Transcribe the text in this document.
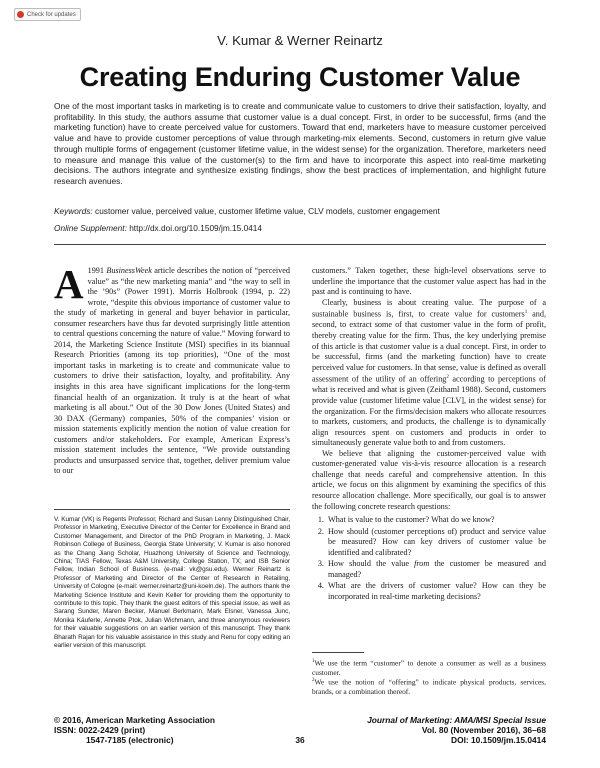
Check for updates

V. Kumar & Werner Reinartz

Creating Enduring Customer Value

One of the most important tasks in marketing is to create and communicate value to customers to drive their satisfaction, loyalty, and profitability. In this study, the authors assume that customer value is a dual concept. First, in order to be successful, firms (and the marketing function) have to create perceived value for customers. Toward that end, marketers have to measure customer perceived value and have to provide customer perceptions of value through marketing-mix elements. Second, customers in return give value through multiple forms of engagement (customer lifetime value, in the widest sense) for the organization. Therefore, marketers need to measure and manage this value of the customer(s) to the firm and have to incorporate this aspect into real-time marketing decisions. The authors integrate and synthesize existing findings, show the best practices of implementation, and highlight future research avenues.

Keywords: customer value, perceived value, customer lifetime value, CLV models, customer engagement

Online Supplement: http://dx.doi.org/10.1509/jm.15.0414

A 1991 BusinessWeek article describes the notion of “perceived value” as “the new marketing mania” and “the way to sell in the ’90s” (Power 1991). Morris Holbrook (1994, p. 22) wrote, “despite this obvious importance of customer value to the study of marketing in general and buyer behavior in particular, consumer researchers have thus far devoted surprisingly little attention to central questions concerning the nature of value.” Moving forward to 2014, the Marketing Science Institute (MSI) specifies in its biannual Research Priorities (among its top priorities), “One of the most important tasks in marketing is to create and communicate value to customers to drive their satisfaction, loyalty, and profitability. Any insights in this area have significant implications for the long-term financial health of an organization. It truly is at the heart of what marketing is all about.” Out of the 30 Dow Jones (United States) and 30 DAX (Germany) companies, 50% of the companies’ vision or mission statements explicitly mention the notion of value creation for customers and/or stakeholders. For example, American Express’s mission statement includes the sentence, “We provide outstanding products and unsurpassed service that, together, deliver premium value to our

customers.” Taken together, these high-level observations serve to underline the importance that the customer value aspect has had in the past and is continuing to have.

Clearly, business is about creating value. The purpose of a sustainable business is, first, to create value for customers$^1$ and, second, to extract some of that customer value in the form of profit, thereby creating value for the firm. Thus, the key underlying premise of this article is that customer value is a dual concept. First, in order to be successful, firms (and the marketing function) have to create perceived value for customers. In that sense, value is defined as overall assessment of the utility of an offering$^2$ according to perceptions of what is received and what is given (Zeithaml 1988). Second, customers provide value (customer lifetime value [CLV], in the widest sense) for the organization. For the firms/decision makers who allocate resources to markets, customers, and products, the challenge is to dynamically align resources spent on customers and products in order to simultaneously generate value both to and from customers.

We believe that aligning the customer-perceived value with customer-generated value vis-à-vis resource allocation is a research challenge that needs careful and comprehensive attention. In this article, we focus on this alignment by examining the specifics of this resource allocation challenge. More specifically, our goal is to answer the following concrete research questions:

1. What is value to the customer? What do we know?
2. How should (customer perceptions of) product and service value be measured? How can key drivers of customer value be identified and calibrated?
3. How should the value from the customer be measured and managed?
4. What are the drivers of customer value? How can they be incorporated in real-time marketing decisions?

V. Kumar (VK) is Regents Professor, Richard and Susan Lenny Distinguished Chair, Professor in Marketing, Executive Director of the Center for Excellence in Brand and Customer Management, and Director of the PhD Program in Marketing, J. Mack Robinson College of Business, Georgia State University; V. Kumar is also honored as the Chang Jiang Scholar, Huazhong University of Science and Technology, China; TIAS Fellow, Texas A&M University, College Station, TX; and ISB Senior Fellow, Indian School of Business. (e-mail: vk@gsu.edu). Werner Reinartz is Professor of Marketing and Director of the Center of Research in Retailing, University of Cologne (e-mail: werner.reinartz@uni-koeln.de). The authors thank the Marketing Science Institute and Kevin Keller for providing them the opportunity to contribute to this topic. They thank the guest editors of this special issue, as well as Sarang Sunder, Maren Becker, Manuel Berkmann, Mark Elsner, Vanessa Junc, Monika Käuferle, Annette Ptok, Julian Wichmann, and three anonymous reviewers for their valuable suggestions on an earlier version of this manuscript. They thank Bharath Rajan for his valuable assistance in this study and Renu for copy editing an earlier version of this manuscript.

$^1$We use the term “customer” to denote a consumer as well as a business customer.

$^2$We use the notion of “offering” to indicate physical products, services, brands, or a combination thereof.

© 2016, American Marketing Association
ISSN: 0022-2429 (print)
1547-7185 (electronic)	36
Journal of Marketing: AMA/MSI Special Issue
Vol. 80 (November 2016), 36–68
DOI: 10.1509/jm.15.0414
